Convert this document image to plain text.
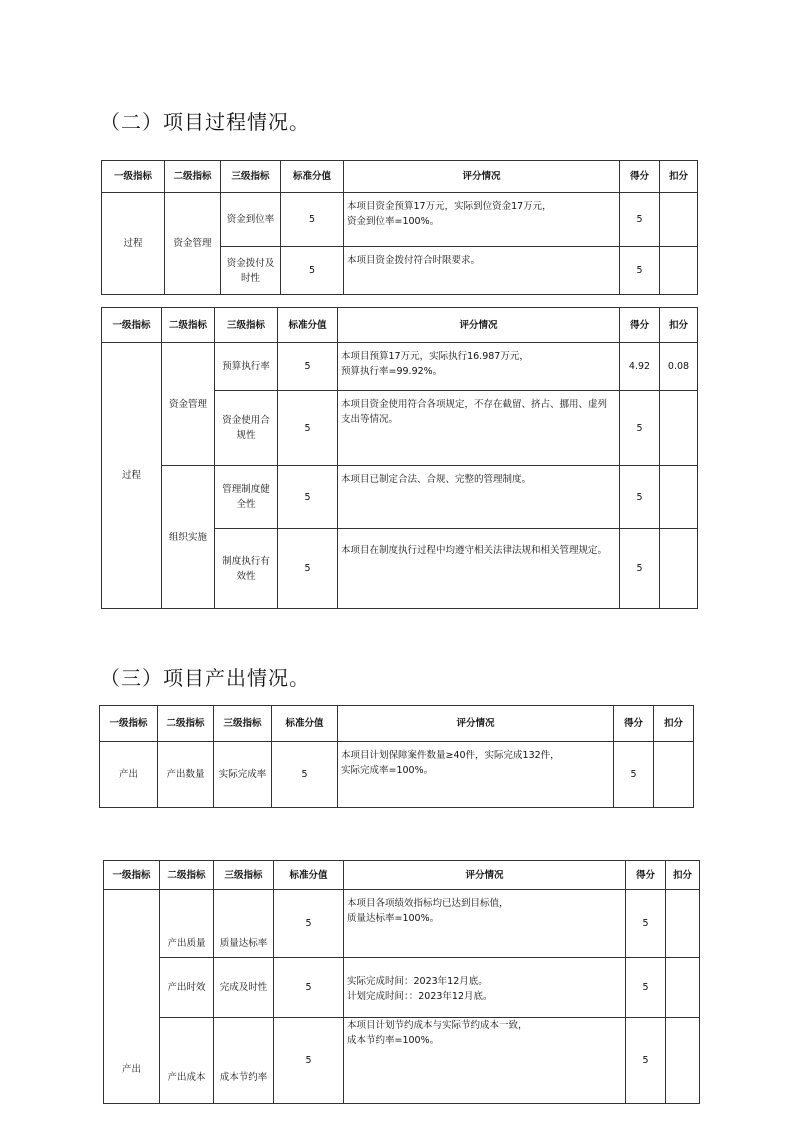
（二）项目过程情况。
一级指标	二级指标	三级指标	标准分值	评分情况	得分	扣分
过程	资金管理	资金到位率	5	本项目资金预算17万元，实际到位资金17万元，
资金到位率=100%。	5	
		资金拨付及时性	5	本项目资金拨付符合时限要求。	5	
一级指标	二级指标	三级指标	标准分值	评分情况	得分	扣分
过程	资金管理	预算执行率	5	本项目预算17万元，实际执行16.987万元，
预算执行率=99.92%。	4.92	0.08
		资金使用合规性	5	本项目资金使用符合各项规定，不存在截留、挤占、挪用、虚列支出等情况。	5	
	组织实施	管理制度健全性	5	本项目已制定合法、合规、完整的管理制度。	5	
		制度执行有效性	5	本项目在制度执行过程中均遵守相关法律法规和相关管理规定。	5	
（三）项目产出情况。
一级指标	二级指标	三级指标	标准分值	评分情况	得分	扣分
产出	产出数量	实际完成率	5	本项目计划保障案件数量≥40件，实际完成132件，
实际完成率=100%。	5	
一级指标	二级指标	三级指标	标准分值	评分情况	得分	扣分
产出	产出质量	质量达标率	5	本项目各项绩效指标均已达到目标值，
质量达标率=100%。	5	
	产出时效	完成及时性	5	实际完成时间：2023年12月底。
计划完成时间：：2023年12月底。	5	
	产出成本	成本节约率	5	本项目计划节约成本与实际节约成本一致，
成本节约率=100%。	5	
